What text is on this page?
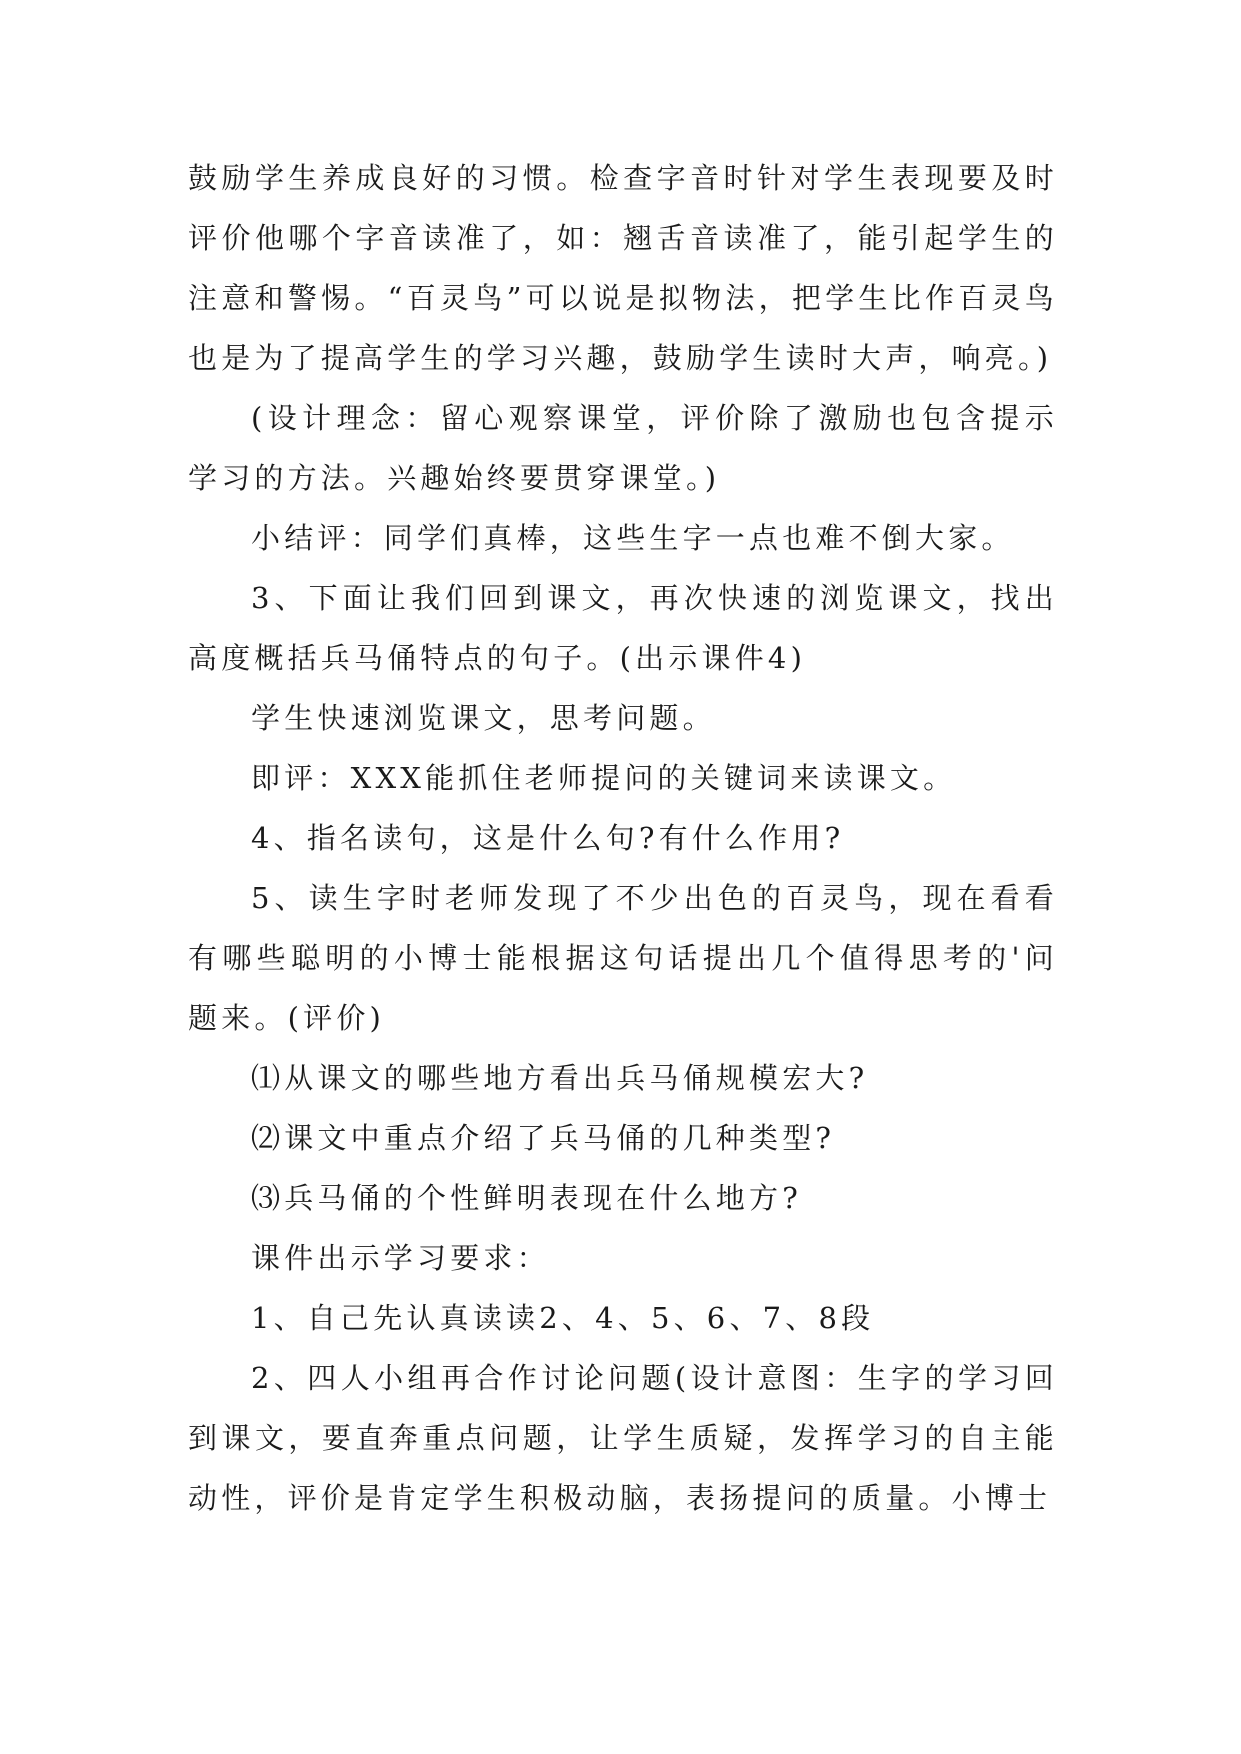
鼓励学生养成良好的习惯。检查字音时针对学生表现要及时评价他哪个字音读准了，如：翘舌音读准了，能引起学生的注意和警惕。“百灵鸟”可以说是拟物法，把学生比作百灵鸟也是为了提高学生的学习兴趣，鼓励学生读时大声，响亮。)

(设计理念：留心观察课堂，评价除了激励也包含提示学习的方法。兴趣始终要贯穿课堂。)

小结评：同学们真棒，这些生字一点也难不倒大家。

3、下面让我们回到课文，再次快速的浏览课文，找出高度概括兵马俑特点的句子。(出示课件4)

学生快速浏览课文，思考问题。

即评：XXX能抓住老师提问的关键词来读课文。

4、指名读句，这是什么句?有什么作用?

5、读生字时老师发现了不少出色的百灵鸟，现在看看有哪些聪明的小博士能根据这句话提出几个值得思考的'问题来。(评价)

⑴从课文的哪些地方看出兵马俑规模宏大?

⑵课文中重点介绍了兵马俑的几种类型?

⑶兵马俑的个性鲜明表现在什么地方?

课件出示学习要求：

1、自己先认真读读2、4、5、6、7、8段

2、四人小组再合作讨论问题(设计意图：生字的学习回到课文，要直奔重点问题，让学生质疑，发挥学习的自主能动性，评价是肯定学生积极动脑，表扬提问的质量。小博士
